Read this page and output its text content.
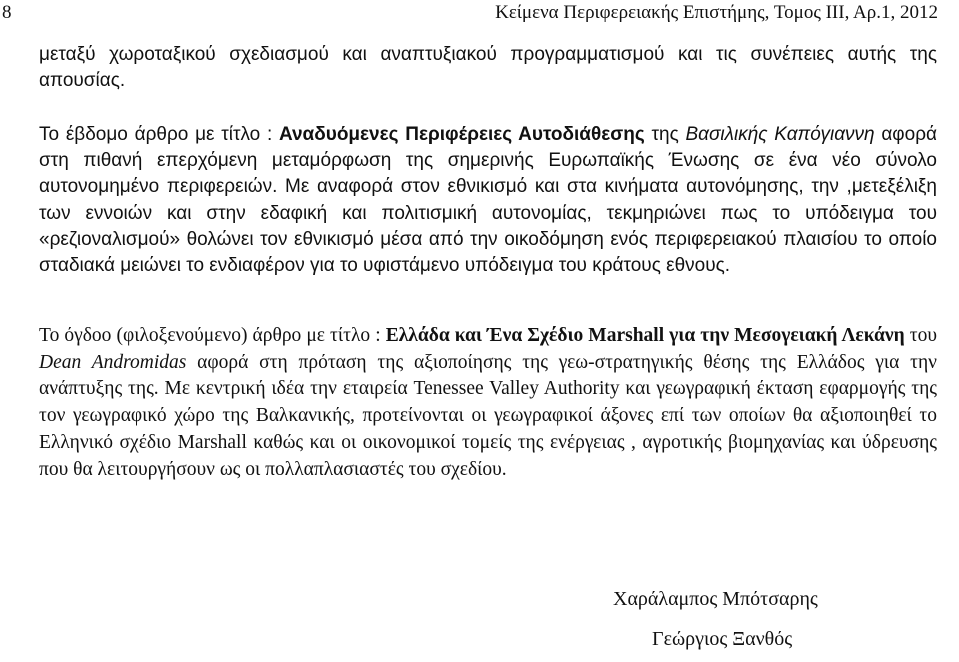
8	Κείμενα Περιφερειακής Επιστήμης, Τομος ΙΙΙ, Αρ.1, 2012

μεταξύ χωροταξικού σχεδιασμού και αναπτυξιακού προγραμματισμού και τις συνέπειες αυτής της απουσίας.

Το έβδομο άρθρο με τίτλο : Αναδυόμενες Περιφέρειες Αυτοδιάθεσης της Βασιλικής Καπόγιαννη αφορά στη πιθανή επερχόμενη μεταμόρφωση της σημερινής Ευρωπαϊκής Ένωσης σε ένα νέο σύνολο αυτονομημένο περιφερειών. Με αναφορά στον εθνικισμό και στα κινήματα αυτονόμησης, την ,μετεξέλιξη των εννοιών και στην εδαφική και πολιτισμική αυτονομίας, τεκμηριώνει πως το υπόδειγμα του «ρεζιοναλισμού» θολώνει τον εθνικισμό μέσα από την οικοδόμηση ενός περιφερειακού πλαισίου το οποίο σταδιακά μειώνει το ενδιαφέρον για το υφιστάμενο υπόδειγμα του κράτους εθνους.

Το όγδοο (φιλοξενούμενο) άρθρο με τίτλο : Ελλάδα και Ένα Σχέδιο Marshall για την Μεσογειακή Λεκάνη του Dean Andromidas αφορά στη πρόταση της αξιοποίησης της γεω-στρατηγικής θέσης της Ελλάδος για την ανάπτυξης της. Με κεντρική ιδέα την εταιρεία Tenessee Valley Authority και γεωγραφική έκταση εφαρμογής της τον γεωγραφικό χώρο της Βαλκανικής, προτείνονται οι γεωγραφικοί άξονες επί των οποίων θα αξιοποιηθεί το Ελληνικό σχέδιο Marshall καθώς και οι οικονομικοί τομείς της ενέργειας , αγροτικής βιομηχανίας και ύδρευσης που θα λειτουργήσουν ως οι πολλαπλασιαστές του σχεδίου.

Χαράλαμπος Μπότσαρης
Γεώργιος Ξανθός
